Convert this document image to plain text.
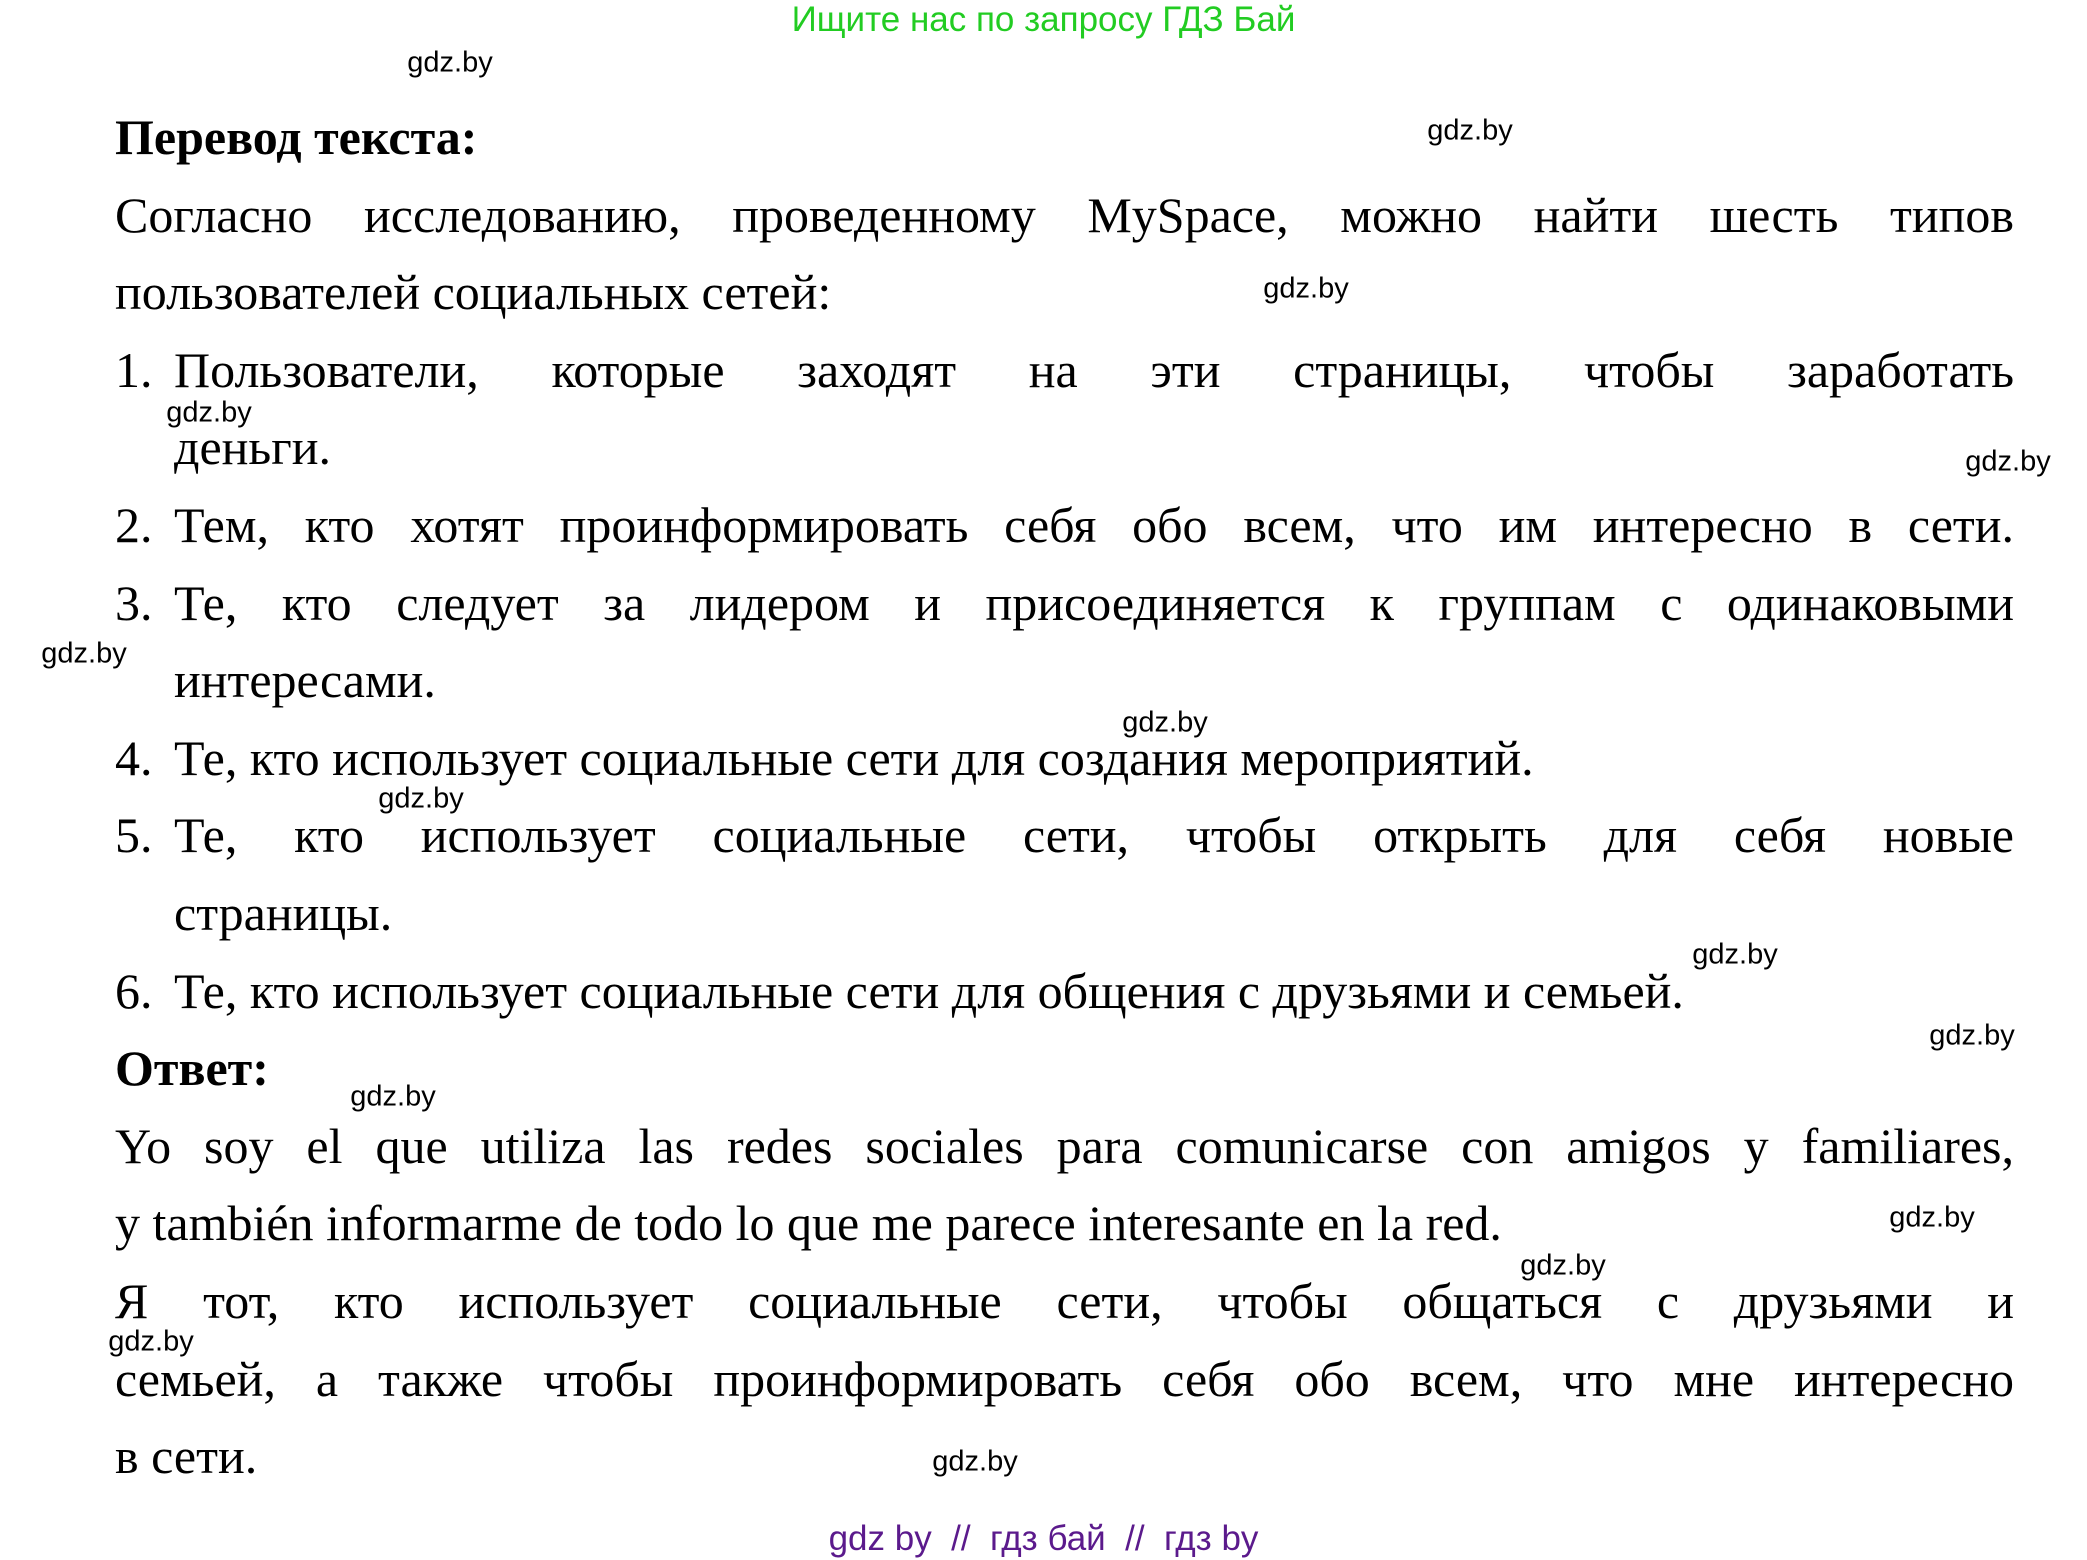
Ищите нас по запросу ГДЗ Бай
Перевод текста:
Согласно исследованию, проведенному MySpace, можно найти шесть типов
пользователей социальных сетей:
1. Пользователи, которые заходят на эти страницы, чтобы заработать
деньги.
2. Тем, кто хотят проинформировать себя обо всем, что им интересно в сети.
3. Те, кто следует за лидером и присоединяется к группам с одинаковыми
интересами.
4. Те, кто использует социальные сети для создания мероприятий.
5. Те, кто использует социальные сети, чтобы открыть для себя новые
страницы.
6. Те, кто использует социальные сети для общения с друзьями и семьей.
Ответ:
Yo soy el que utiliza las redes sociales para comunicarse con amigos y familiares,
y también informarme de todo lo que me parece interesante en la red.
Я тот, кто использует социальные сети, чтобы общаться с друзьями и
семьей, а также чтобы проинформировать себя обо всем, что мне интересно
в сети.
gdz.by
gdz.by
gdz.by
gdz.by
gdz.by
gdz.by
gdz.by
gdz.by
gdz.by
gdz.by
gdz.by
gdz.by
gdz.by
gdz.by
gdz.by
gdz by  //  гдз бай  //  гдз by
